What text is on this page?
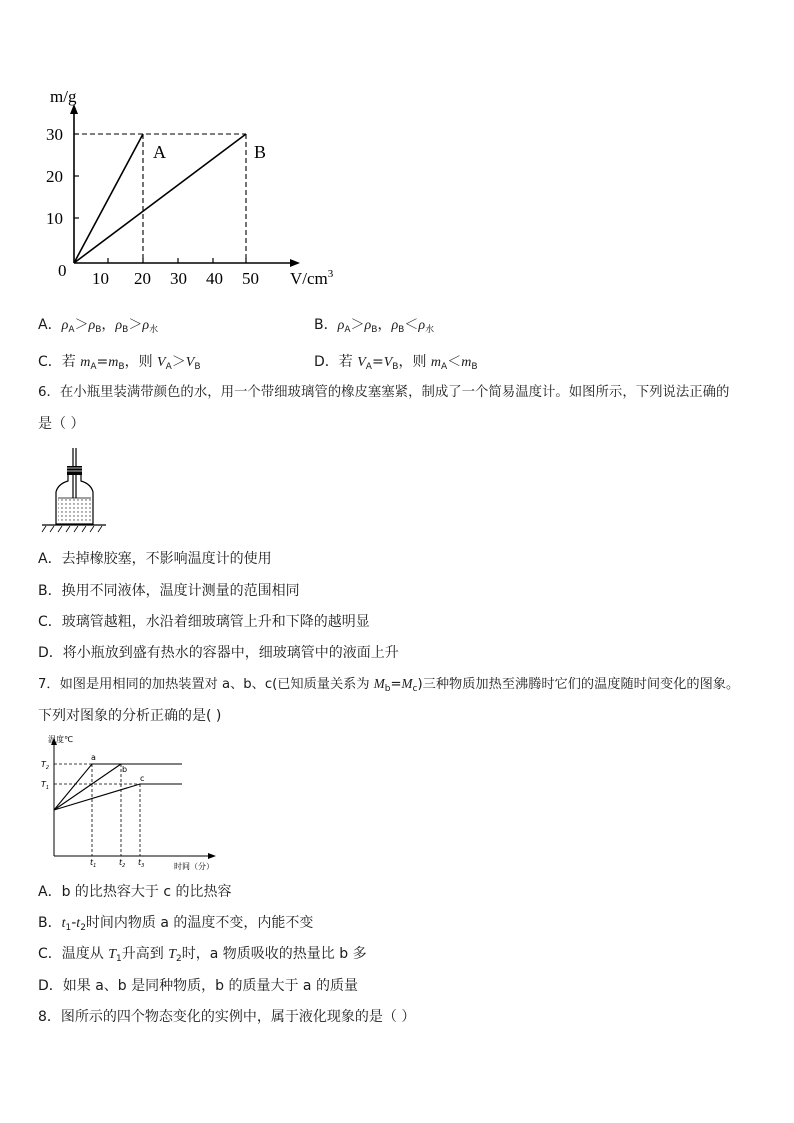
m/g
0
10
20
30
10 20 30 40 50 $V/cm^3$
A	B
A．$\rho_A>\rho_B$，$\rho_B>\rho_水$	B．$\rho_A>\rho_B$，$\rho_B<\rho_水$
C．若 $m_A=m_B$，则 $V_A>V_B$	D．若 $V_A=V_B$，则 $m_A<m_B$
6．在小瓶里装满带颜色的水，用一个带细玻璃管的橡皮塞塞紧，制成了一个简易温度计。如图所示，下列说法正确的
是（ ）
A．去掉橡胶塞，不影响温度计的使用
B．换用不同液体，温度计测量的范围相同
C．玻璃管越粗，水沿着细玻璃管上升和下降的越明显
D．将小瓶放到盛有热水的容器中，细玻璃管中的液面上升
7．如图是用相同的加热装置对 a、b、c(已知质量关系为 $M_b=M_c$)三种物质加热至沸腾时它们的温度随时间变化的图象。
下列对图象的分析正确的是( )
温度℃
时间（分）
$T_2$
$T_1$
a
b
c
$t_1$	$t_2$ $t_3$
A．b 的比热容大于 c 的比热容
B．$t_1-t_2$时间内物质 a 的温度不变，内能不变
C．温度从 $T_1$升高到 $T_2$时，a 物质吸收的热量比 b 多
D．如果 a、b 是同种物质，b 的质量大于 a 的质量
8．图所示的四个物态变化的实例中，属于液化现象的是（ ）
